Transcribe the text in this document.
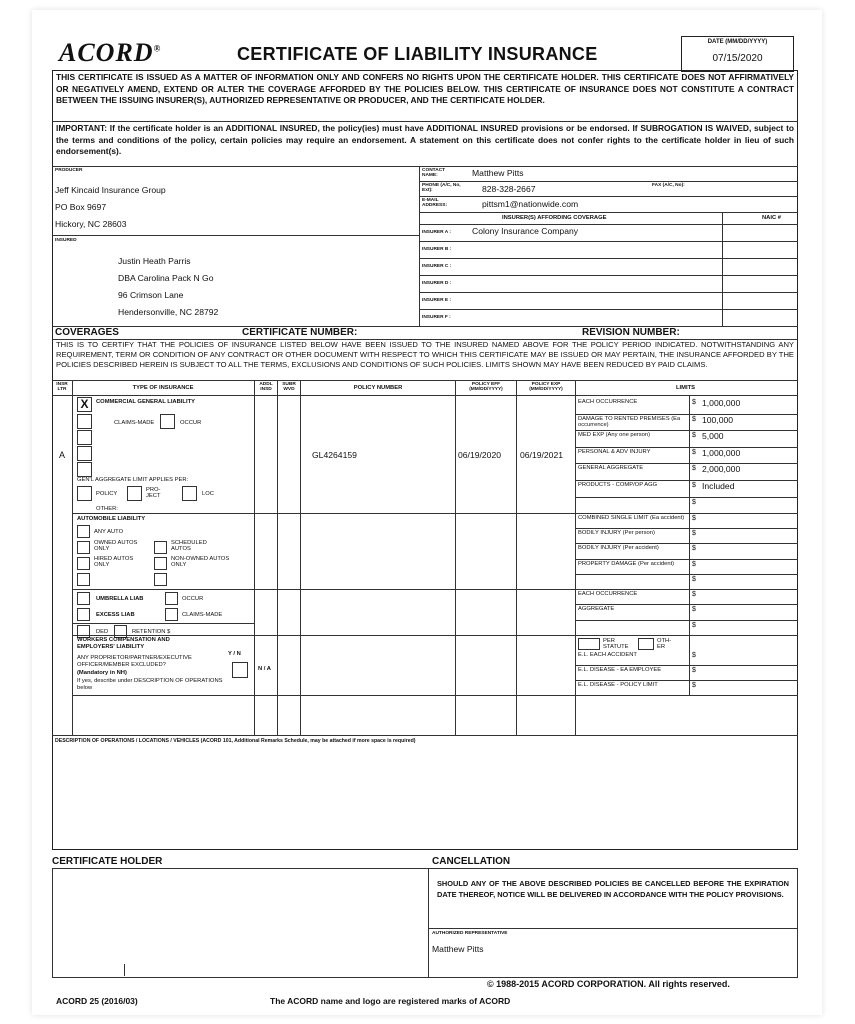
ACORD®	CERTIFICATE OF LIABILITY INSURANCE
DATE (MM/DD/YYYY)
07/15/2020
THIS CERTIFICATE IS ISSUED AS A MATTER OF INFORMATION ONLY AND CONFERS NO RIGHTS UPON THE CERTIFICATE HOLDER. THIS CERTIFICATE DOES NOT AFFIRMATIVELY OR NEGATIVELY AMEND, EXTEND OR ALTER THE COVERAGE AFFORDED BY THE POLICIES BELOW. THIS CERTIFICATE OF INSURANCE DOES NOT CONSTITUTE A CONTRACT BETWEEN THE ISSUING INSURER(S), AUTHORIZED REPRESENTATIVE OR PRODUCER, AND THE CERTIFICATE HOLDER.
IMPORTANT: If the certificate holder is an ADDITIONAL INSURED, the policy(ies) must have ADDITIONAL INSURED provisions or be endorsed. If SUBROGATION IS WAIVED, subject to the terms and conditions of the policy, certain policies may require an endorsement. A statement on this certificate does not confer rights to the certificate holder in lieu of such endorsement(s).
PRODUCER
Jeff Kincaid Insurance Group
PO Box 9697
Hickory, NC 28603
CONTACT NAME:	Matthew Pitts
PHONE (A/C, No, Ext):	828-328-2667	FAX (A/C, No):
E-MAIL ADDRESS:	pittsm1@nationwide.com
INSURER(S) AFFORDING COVERAGE	NAIC #
INSURER A : Colony Insurance Company
INSURER B :
INSURER C :
INSURER D :
INSURER E :
INSURER F :
INSURED
Justin Heath Parris
DBA Carolina Pack N Go
96 Crimson Lane
Hendersonville, NC 28792
COVERAGES	CERTIFICATE NUMBER:	REVISION NUMBER:
THIS IS TO CERTIFY THAT THE POLICIES OF INSURANCE LISTED BELOW HAVE BEEN ISSUED TO THE INSURED NAMED ABOVE FOR THE POLICY PERIOD INDICATED. NOTWITHSTANDING ANY REQUIREMENT, TERM OR CONDITION OF ANY CONTRACT OR OTHER DOCUMENT WITH RESPECT TO WHICH THIS CERTIFICATE MAY BE ISSUED OR MAY PERTAIN, THE INSURANCE AFFORDED BY THE POLICIES DESCRIBED HEREIN IS SUBJECT TO ALL THE TERMS, EXCLUSIONS AND CONDITIONS OF SUCH POLICIES. LIMITS SHOWN MAY HAVE BEEN REDUCED BY PAID CLAIMS.
INSR LTR	TYPE OF INSURANCE
ADDL INSD
SUBR WVD	POLICY NUMBER
POLICY EFF (MM/DD/YYYY)
POLICY EXP (MM/DD/YYYY)	LIMITS
X	COMMERCIAL GENERAL LIABILITY
CLAIMS-MADE	OCCUR
A	GL4264159	06/19/2020 06/19/2021
GEN'L AGGREGATE LIMIT APPLIES PER:
POLICY
PRO-JECT	LOC
OTHER:
EACH OCCURRENCE	$ 1,000,000
DAMAGE TO RENTED PREMISES (Ea occurrence)
$ 100,000
MED EXP (Any one person)	$ 5,000
PERSONAL & ADV INJURY	$ 1,000,000
GENERAL AGGREGATE	$ 2,000,000
PRODUCTS - COMP/OP AGG	$ Included
$
AUTOMOBILE LIABILITY
ANY AUTO
OWNED AUTOS ONLY
SCHEDULED AUTOS
HIRED AUTOS ONLY
NON-OWNED AUTOS ONLY
COMBINED SINGLE LIMIT (Ea accident) $
BODILY INJURY (Per person)	$
BODILY INJURY (Per accident)	$
PROPERTY DAMAGE (Per accident)	$
$
UMBRELLA LIAB	OCCUR
EXCESS LIAB	CLAIMS-MADE
DED	RETENTION $
EACH OCCURRENCE	$
AGGREGATE	$
$
WORKERS COMPENSATION AND EMPLOYERS' LIABILITY
Y / N
ANY PROPRIETOR/PARTNER/EXECUTIVE OFFICER/MEMBER EXCLUDED?
(Mandatory in NH)
If yes, describe under DESCRIPTION OF OPERATIONS below
N / A
PER STATUTE
OTH-ER
E.L. EACH ACCIDENT	$
E.L. DISEASE - EA EMPLOYEE	$
E.L. DISEASE - POLICY LIMIT	$
DESCRIPTION OF OPERATIONS / LOCATIONS / VEHICLES (ACORD 101, Additional Remarks Schedule, may be attached if more space is required)
CERTIFICATE HOLDER	CANCELLATION
SHOULD ANY OF THE ABOVE DESCRIBED POLICIES BE CANCELLED BEFORE THE EXPIRATION DATE THEREOF, NOTICE WILL BE DELIVERED IN ACCORDANCE WITH THE POLICY PROVISIONS.
AUTHORIZED REPRESENTATIVE
Matthew Pitts
© 1988-2015 ACORD CORPORATION. All rights reserved.
ACORD 25 (2016/03)	The ACORD name and logo are registered marks of ACORD
